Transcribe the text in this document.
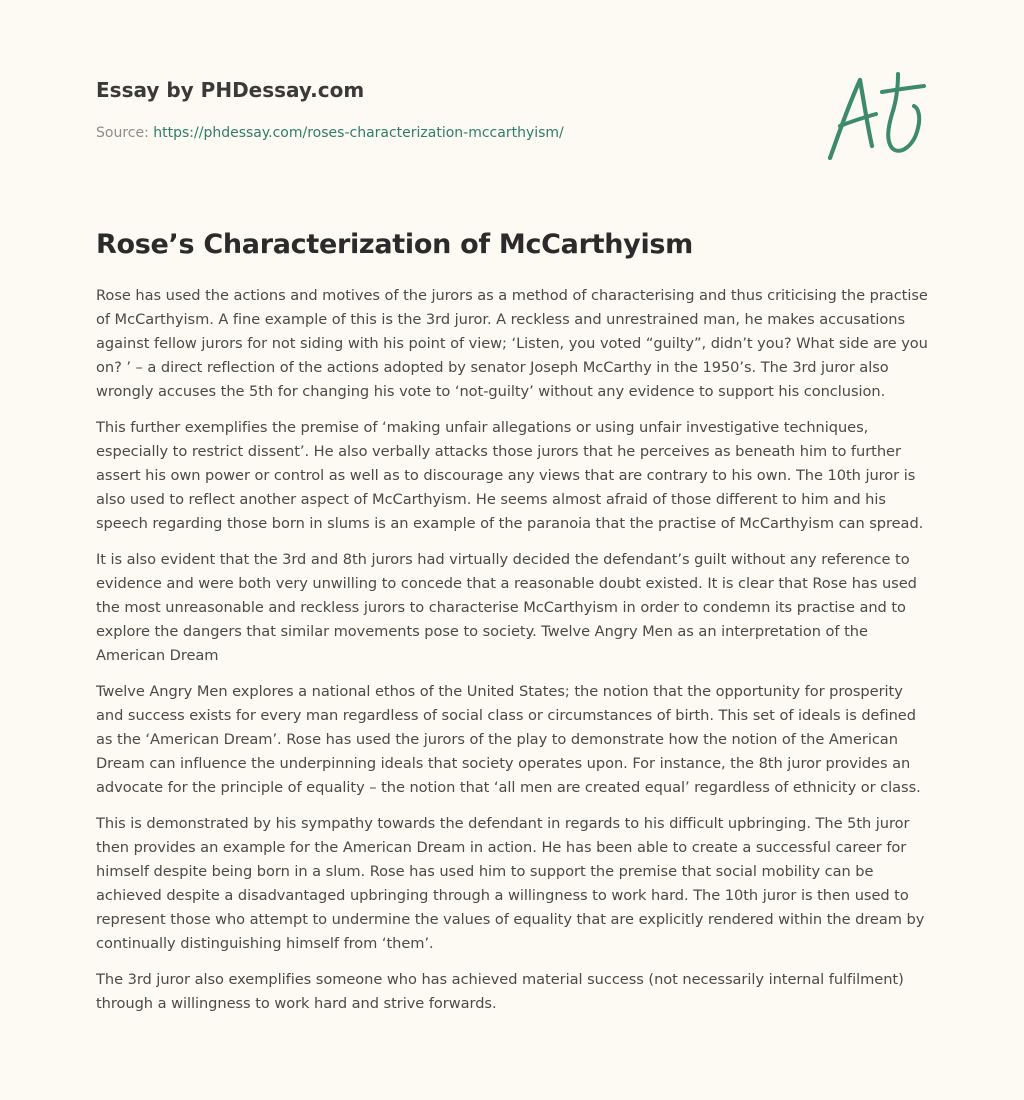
Essay by PHDessay.com
Source: https://phdessay.com/roses-characterization-mccarthyism/
Rose’s Characterization of McCarthyism

Rose has used the actions and motives of the jurors as a method of characterising and thus criticising the practise of McCarthyism. A fine example of this is the 3rd juror. A reckless and unrestrained man, he makes accusations against fellow jurors for not siding with his point of view; ‘Listen, you voted “guilty”, didn’t you? What side are you on? ’ – a direct reflection of the actions adopted by senator Joseph McCarthy in the 1950’s. The 3rd juror also wrongly accuses the 5th for changing his vote to ‘not-guilty’ without any evidence to support his conclusion.

This further exemplifies the premise of ‘making unfair allegations or using unfair investigative techniques, especially to restrict dissent’. He also verbally attacks those jurors that he perceives as beneath him to further assert his own power or control as well as to discourage any views that are contrary to his own. The 10th juror is also used to reflect another aspect of McCarthyism. He seems almost afraid of those different to him and his speech regarding those born in slums is an example of the paranoia that the practise of McCarthyism can spread.

It is also evident that the 3rd and 8th jurors had virtually decided the defendant’s guilt without any reference to evidence and were both very unwilling to concede that a reasonable doubt existed. It is clear that Rose has used the most unreasonable and reckless jurors to characterise McCarthyism in order to condemn its practise and to explore the dangers that similar movements pose to society. Twelve Angry Men as an interpretation of the American Dream

Twelve Angry Men explores a national ethos of the United States; the notion that the opportunity for prosperity and success exists for every man regardless of social class or circumstances of birth. This set of ideals is defined as the ‘American Dream’. Rose has used the jurors of the play to demonstrate how the notion of the American Dream can influence the underpinning ideals that society operates upon. For instance, the 8th juror provides an advocate for the principle of equality – the notion that ‘all men are created equal’ regardless of ethnicity or class.

This is demonstrated by his sympathy towards the defendant in regards to his difficult upbringing. The 5th juror then provides an example for the American Dream in action. He has been able to create a successful career for himself despite being born in a slum. Rose has used him to support the premise that social mobility can be achieved despite a disadvantaged upbringing through a willingness to work hard. The 10th juror is then used to represent those who attempt to undermine the values of equality that are explicitly rendered within the dream by continually distinguishing himself from ‘them’.

The 3rd juror also exemplifies someone who has achieved material success (not necessarily internal fulfilment) through a willingness to work hard and strive forwards.
